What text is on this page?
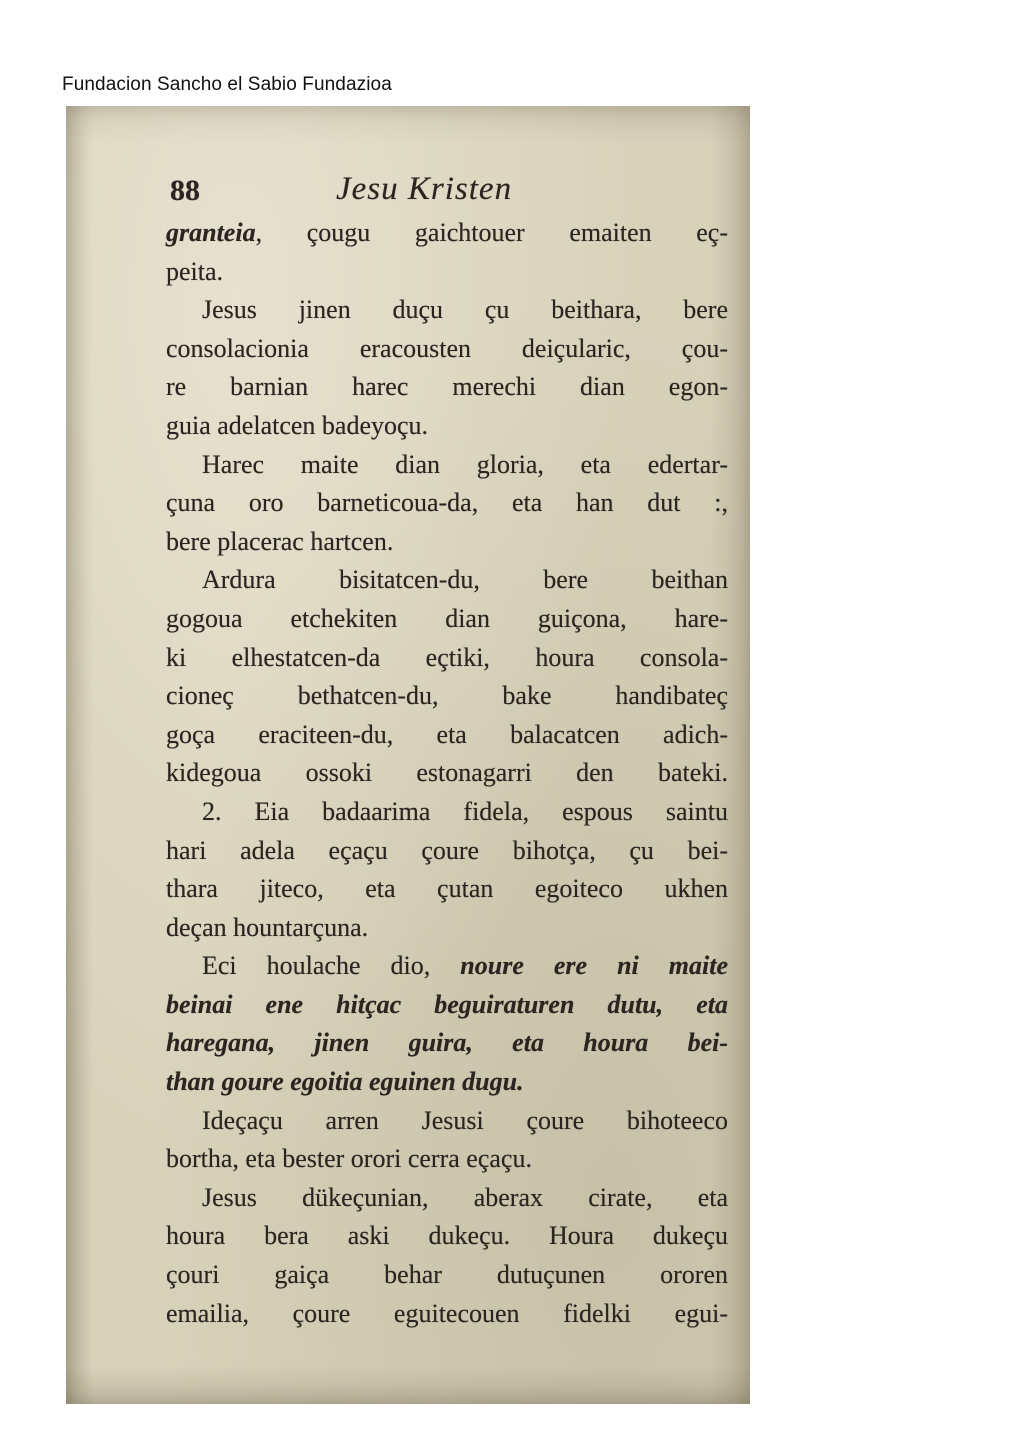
Fundacion Sancho el Sabio Fundazioa
88	Jesu Kristen
granteia, çougu gaichtouer emaiten eç-
peita.
Jesus jinen duçu çu beithara, bere
consolacionia eracousten deiçularic, çou-
re barnian harec merechi dian egon-
guia adelatcen badeyoçu.
Harec maite dian gloria, eta edertar-
çuna oro barneticoua-da, eta han dut :,
bere placerac hartcen.
Ardura bisitatcen-du, bere beithan
gogoua etchekiten dian guiçona, hare-
ki elhestatcen-da eçtiki, houra consola-
cioneç bethatcen-du, bake handibateç
goça eraciteen-du, eta balacatcen adich-
kidegoua ossoki estonagarri den bateki.
2. Eia badaarima fidela, espous saintu
hari adela eçaçu çoure bihotça, çu bei-
thara jiteco, eta çutan egoiteco ukhen
deçan hountarçuna.
Eci houlache dio, noure ere ni maite
beinai ene hitçac beguiraturen dutu, eta
haregana, jinen guira, eta houra bei-
than goure egoitia eguinen dugu.
Ideçaçu arren Jesusi çoure bihoteeco
bortha, eta bester orori cerra eçaçu.
Jesus dükeçunian, aberax cirate, eta
houra bera aski dukeçu. Houra dukeçu
çouri gaiça behar dutuçunen ororen
emailia, çoure eguitecouen fidelki egui-
